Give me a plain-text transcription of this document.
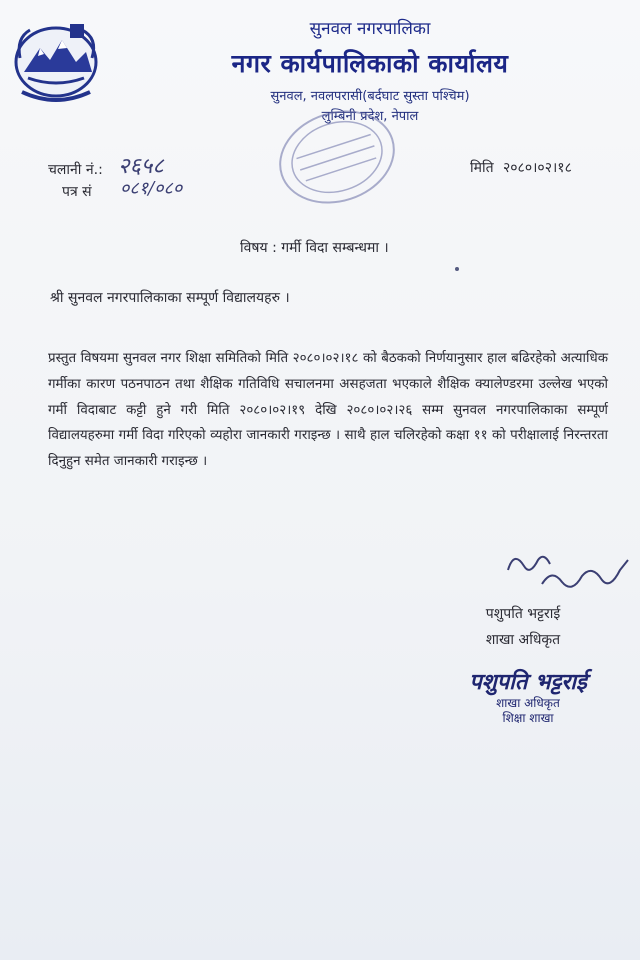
सुनवल नगरपालिका
नगर कार्यपालिकाको कार्यालय
सुनवल, नवलपरासी(बर्दघाट सुस्ता पश्चिम)
लुम्बिनी प्रदेश, नेपाल
चलानी नं.: २६५८
पत्र सं ०८१/०८०
मिति २०८०।०२।१८
विषय : गर्मी विदा सम्बन्धमा ।
श्री सुनवल नगरपालिकाका सम्पूर्ण विद्यालयहरु ।
प्रस्तुत विषयमा सुनवल नगर शिक्षा समितिको मिति २०८०।०२।१८ को बैठकको निर्णयानुसार हाल बढिरहेको अत्याधिक गर्मीका कारण पठनपाठन तथा शैक्षिक गतिविधि सचालनमा असहजता भएकाले शैक्षिक क्यालेण्डरमा उल्लेख भएको गर्मी विदाबाट कट्टी हुने गरी मिति २०८०।०२।१९ देखि २०८०।०२।२६ सम्म सुनवल नगरपालिकाका सम्पूर्ण विद्यालयहरुमा गर्मी विदा गरिएको व्यहोरा जानकारी गराइन्छ । साथै हाल चलिरहेको कक्षा ११ को परीक्षालाई निरन्तरता दिनुहुन समेत जानकारी गराइन्छ ।
पशुपति भट्टराई
शाखा अधिकृत
पशुपति भट्टराई
शाखा अधिकृत
शिक्षा शाखा
